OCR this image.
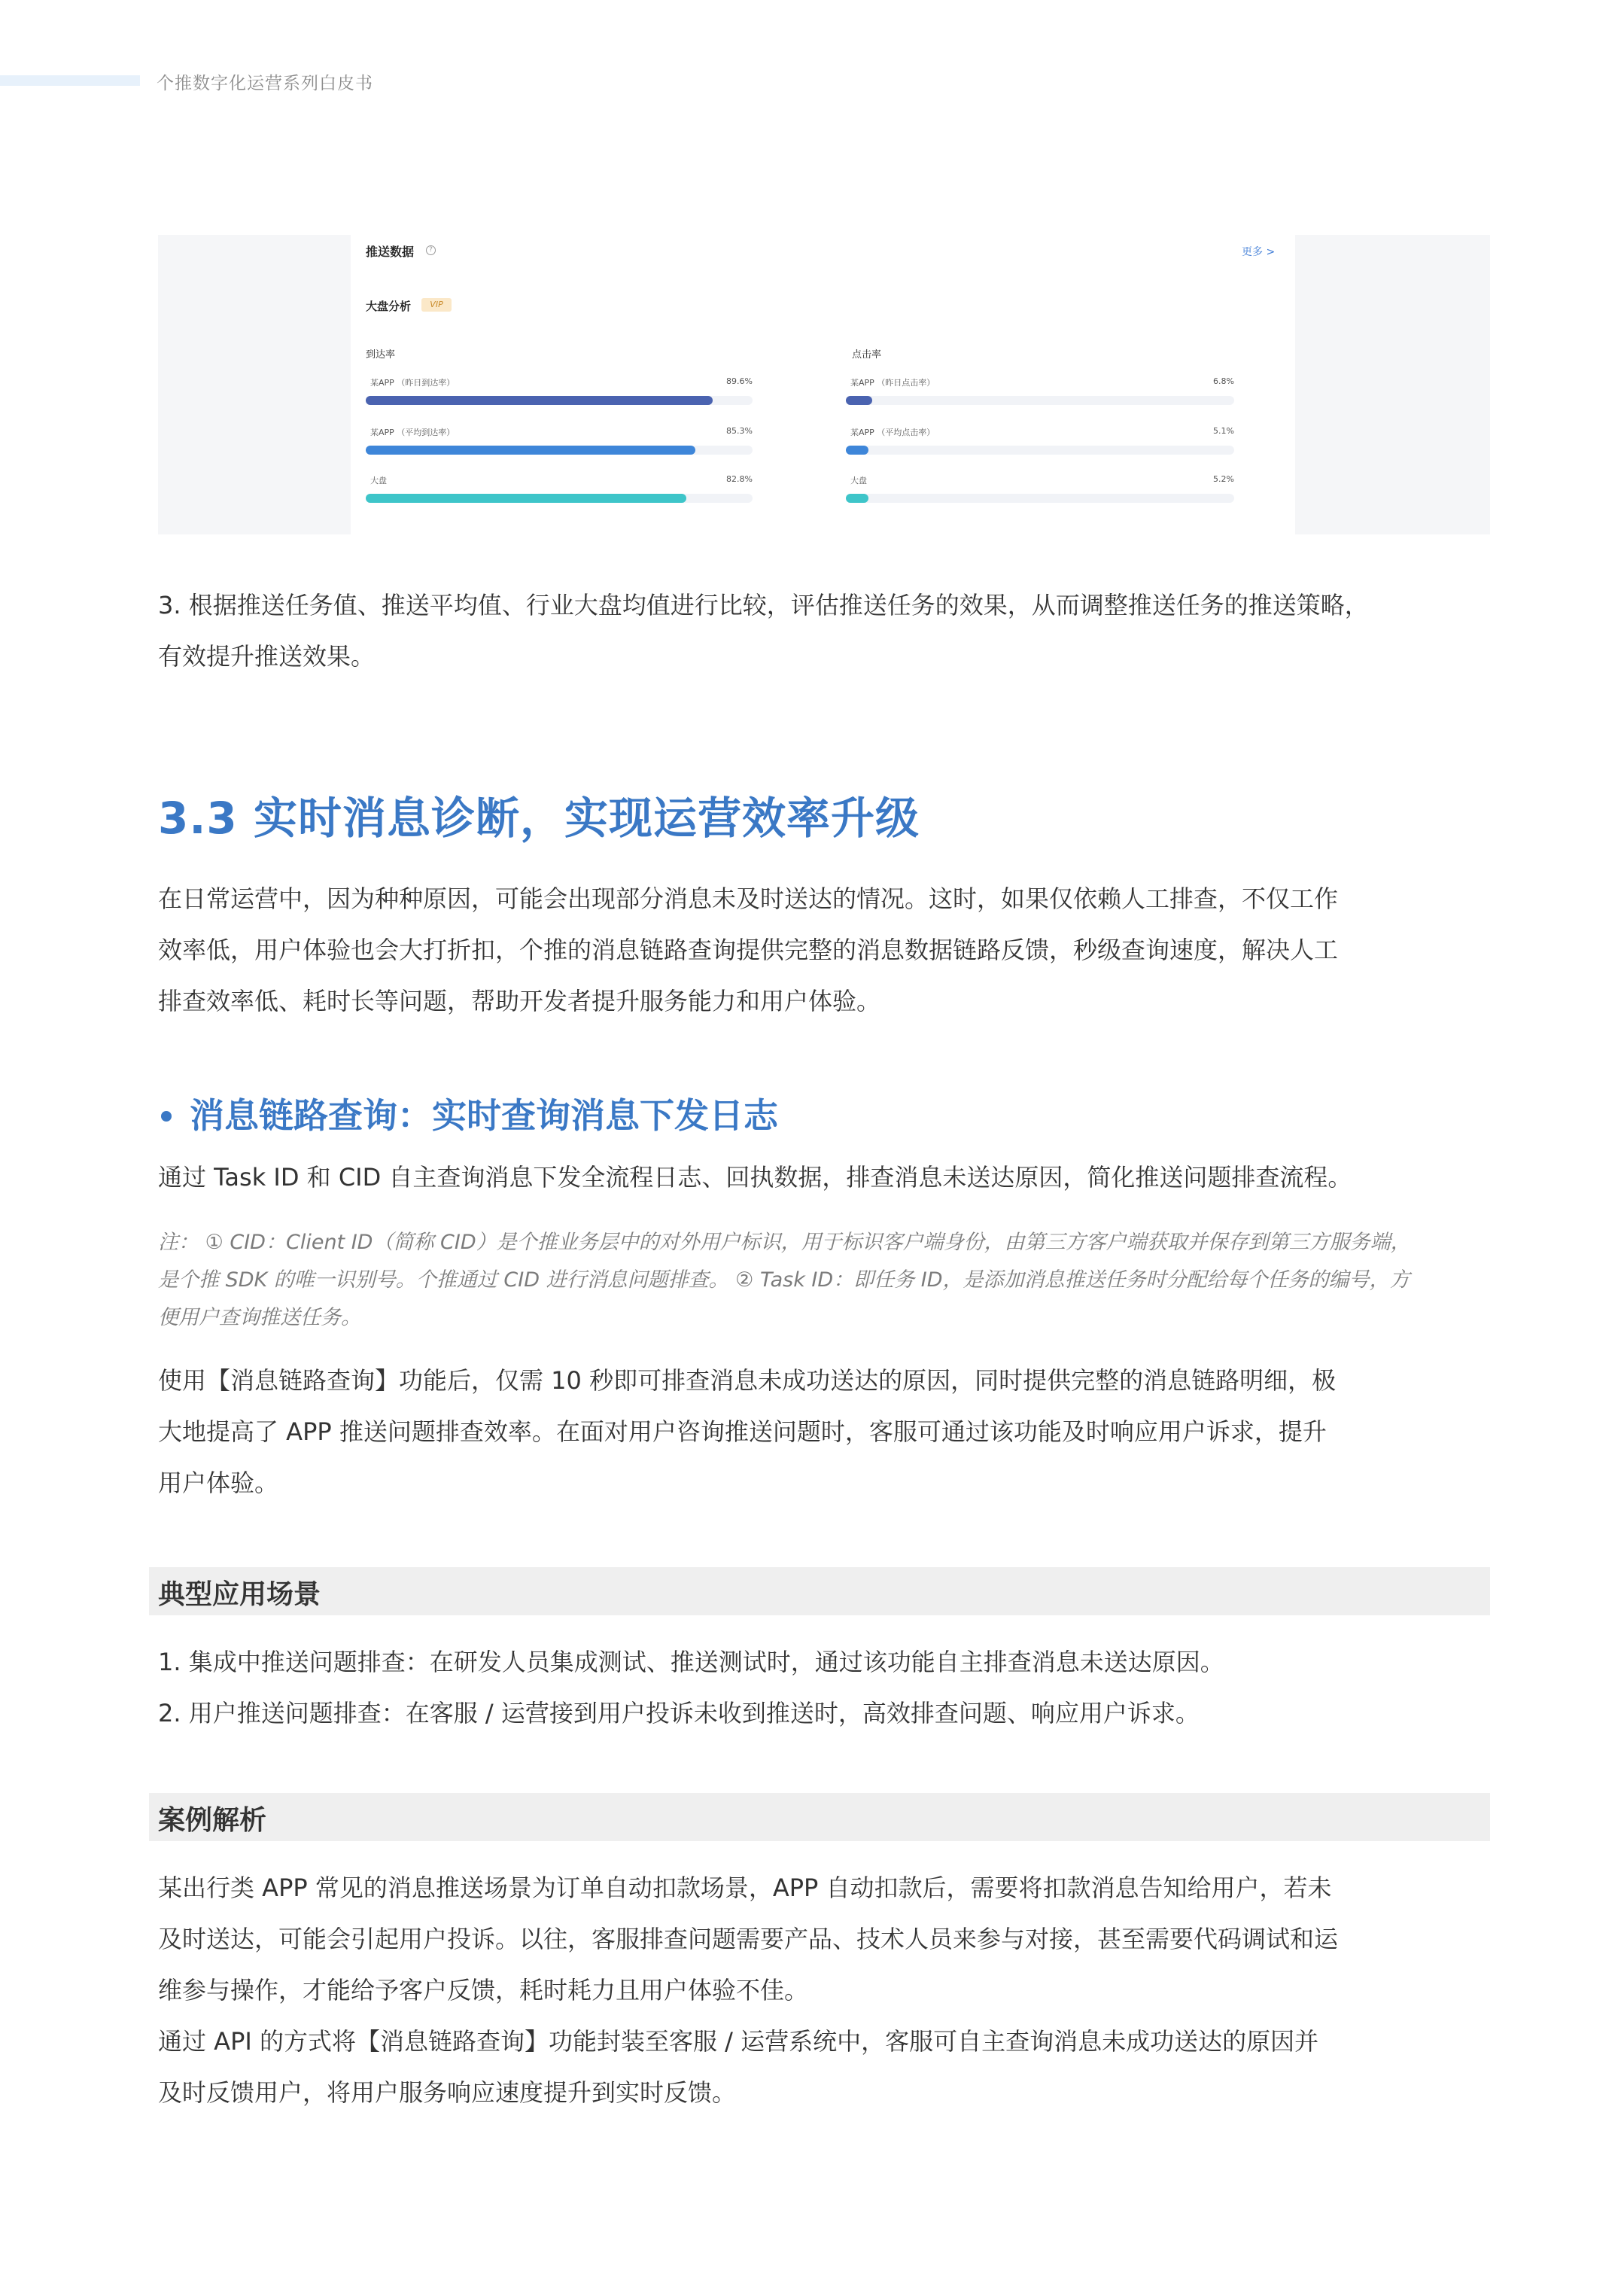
个推数字化运营系列白皮书
推送数据	?	更多 >
大盘分析	VIP
到达率	点击率
某APP （昨日到达率）	89.6%
某APP （平均到达率）	85.3%
大盘	82.8%
某APP （昨日点击率）	6.8%
某APP （平均点击率）	5.1%
大盘	5.2%

3. 根据推送任务值、推送平均值、行业大盘均值进行比较，评估推送任务的效果，从而调整推送任务的推送策略，

有效提升推送效果。

3.3 实时消息诊断，实现运营效率升级

在日常运营中，因为种种原因，可能会出现部分消息未及时送达的情况。这时，如果仅依赖人工排查，不仅工作

效率低，用户体验也会大打折扣，个推的消息链路查询提供完整的消息数据链路反馈，秒级查询速度，解决人工

排查效率低、耗时长等问题，帮助开发者提升服务能力和用户体验。

消息链路查询：实时查询消息下发日志

通过 Task ID 和 CID 自主查询消息下发全流程日志、回执数据，排查消息未送达原因，简化推送问题排查流程。

注： ① CID：Client ID（简称 CID）是个推业务层中的对外用户标识，用于标识客户端身份，由第三方客户端获取并保存到第三方服务端，
是个推 SDK 的唯一识别号。个推通过 CID 进行消息问题排查。 ② Task ID：即任务 ID，是添加消息推送任务时分配给每个任务的编号，方
便用户查询推送任务。

使用【消息链路查询】功能后，仅需 10 秒即可排查消息未成功送达的原因，同时提供完整的消息链路明细，极

大地提高了 APP 推送问题排查效率。在面对用户咨询推送问题时，客服可通过该功能及时响应用户诉求，提升

用户体验。

典型应用场景

1. 集成中推送问题排查：在研发人员集成测试、推送测试时，通过该功能自主排查消息未送达原因。

2. 用户推送问题排查：在客服 / 运营接到用户投诉未收到推送时，高效排查问题、响应用户诉求。

案例解析

某出行类 APP 常见的消息推送场景为订单自动扣款场景，APP 自动扣款后，需要将扣款消息告知给用户，若未

及时送达，可能会引起用户投诉。以往，客服排查问题需要产品、技术人员来参与对接，甚至需要代码调试和运

维参与操作，才能给予客户反馈，耗时耗力且用户体验不佳。

通过 API 的方式将【消息链路查询】功能封装至客服 / 运营系统中，客服可自主查询消息未成功送达的原因并

及时反馈用户，将用户服务响应速度提升到实时反馈。
